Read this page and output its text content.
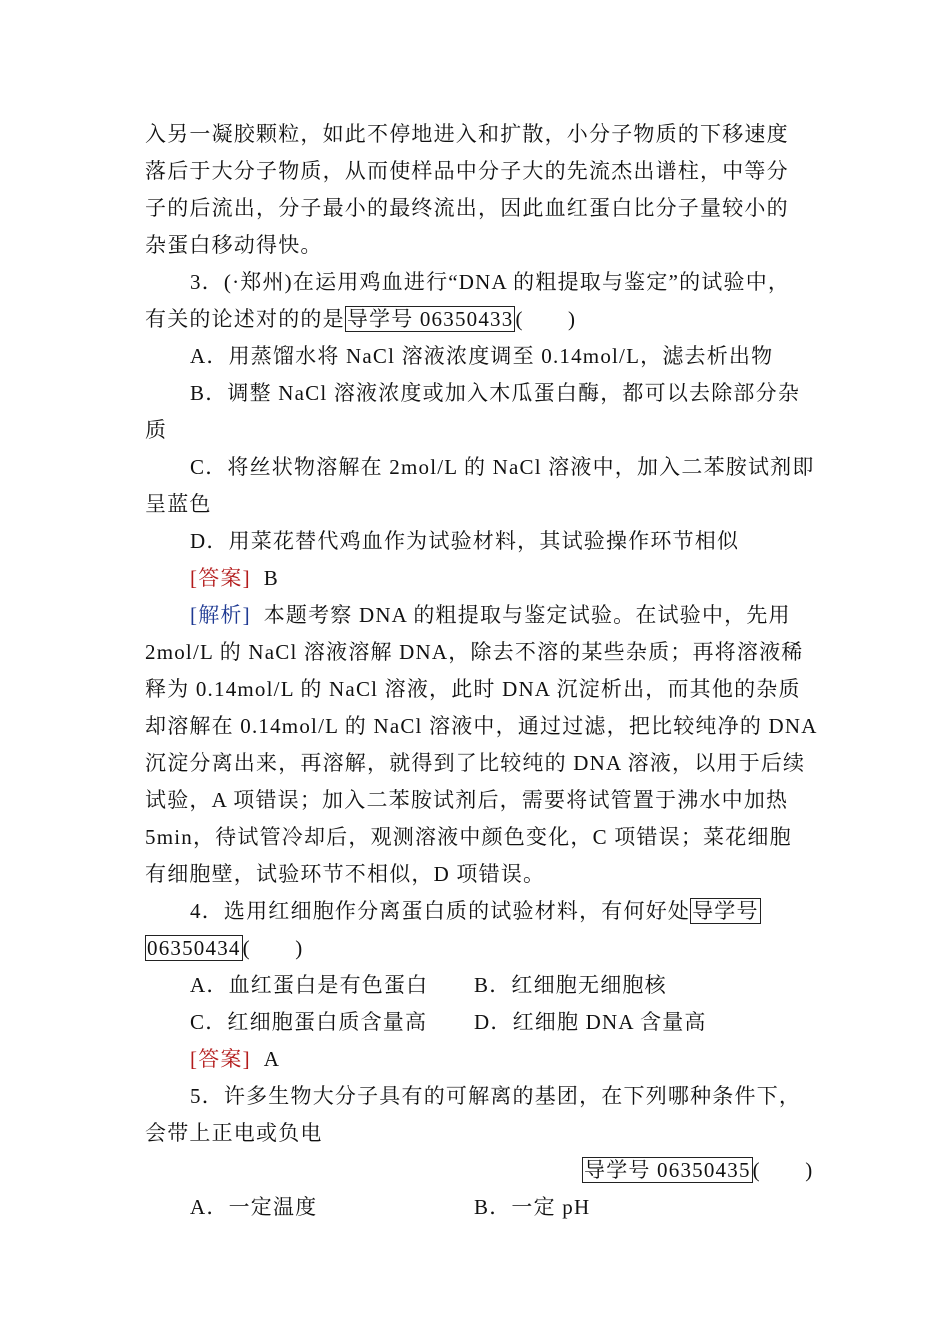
入另一凝胶颗粒，如此不停地进入和扩散，小分子物质的下移速度
落后于大分子物质，从而使样品中分子大的先流杰出谱柱，中等分
子的后流出，分子最小的最终流出，因此血红蛋白比分子量较小的
杂蛋白移动得快。
3．(·郑州)在运用鸡血进行“DNA 的粗提取与鉴定”的试验中，
有关的论述对的的是导学号 06350433(　　)
A．用蒸馏水将 NaCl 溶液浓度调至 0.14mol/L，滤去析出物
B．调整 NaCl 溶液浓度或加入木瓜蛋白酶，都可以去除部分杂
质
C．将丝状物溶解在 2mol/L 的 NaCl 溶液中，加入二苯胺试剂即
呈蓝色
D．用菜花替代鸡血作为试验材料，其试验操作环节相似
[答案] B
[解析] 本题考察 DNA 的粗提取与鉴定试验。在试验中，先用
2mol/L 的 NaCl 溶液溶解 DNA，除去不溶的某些杂质；再将溶液稀
释为 0.14mol/L 的 NaCl 溶液，此时 DNA 沉淀析出，而其他的杂质
却溶解在 0.14mol/L 的 NaCl 溶液中，通过过滤，把比较纯净的 DNA
沉淀分离出来，再溶解，就得到了比较纯的 DNA 溶液，以用于后续
试验，A 项错误；加入二苯胺试剂后，需要将试管置于沸水中加热
5min，待试管冷却后，观测溶液中颜色变化，C 项错误；菜花细胞
有细胞壁，试验环节不相似，D 项错误。
4．选用红细胞作分离蛋白质的试验材料，有何好处导学号
06350434(　　)
A．血红蛋白是有色蛋白 B．红细胞无细胞核
C．红细胞蛋白质含量高 D．红细胞 DNA 含量高
[答案] A
5．许多生物大分子具有的可解离的基团，在下列哪种条件下，
会带上正电或负电
导学号 06350435(　　)
A．一定温度	B．一定 pH
